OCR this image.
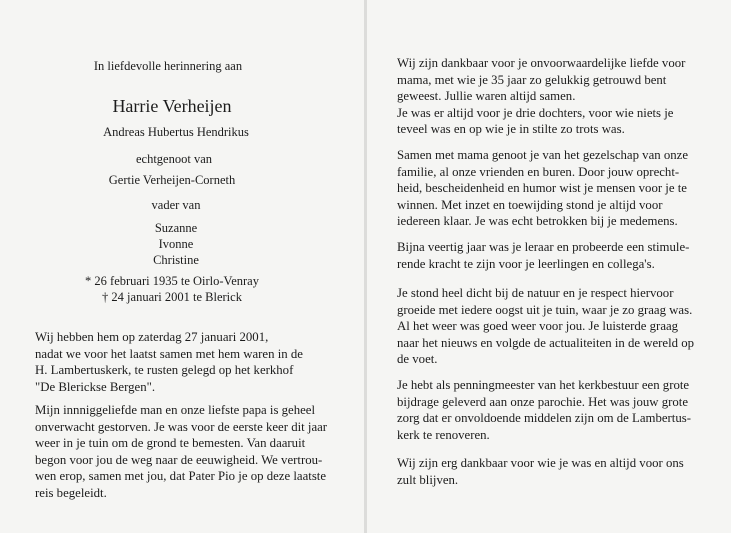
In liefdevolle herinnering aan
Harrie Verheijen
Andreas Hubertus Hendrikus
echtgenoot van
Gertie Verheijen-Corneth
vader van
Suzanne
Ivonne
Christine
* 26 februari 1935 te Oirlo-Venray
† 24 januari 2001 te Blerick
Wij hebben hem op zaterdag 27 januari 2001,
nadat we voor het laatst samen met hem waren in de
H. Lambertuskerk, te rusten gelegd op het kerkhof
"De Blerickse Bergen".
Mijn innniggeliefde man en onze liefste papa is geheel
onverwacht gestorven. Je was voor de eerste keer dit jaar
weer in je tuin om de grond te bemesten. Van daaruit
begon voor jou de weg naar de eeuwigheid. We vertrou-
wen erop, samen met jou, dat Pater Pio je op deze laatste
reis begeleidt.
Wij zijn dankbaar voor je onvoorwaardelijke liefde voor
mama, met wie je 35 jaar zo gelukkig getrouwd bent
geweest. Jullie waren altijd samen.
Je was er altijd voor je drie dochters, voor wie niets je
teveel was en op wie je in stilte zo trots was.
Samen met mama genoot je van het gezelschap van onze
familie, al onze vrienden en buren. Door jouw oprecht-
heid, bescheidenheid en humor wist je mensen voor je te
winnen. Met inzet en toewijding stond je altijd voor
iedereen klaar. Je was echt betrokken bij je medemens.
Bijna veertig jaar was je leraar en probeerde een stimule-
rende kracht te zijn voor je leerlingen en collega's.
Je stond heel dicht bij de natuur en je respect hiervoor
groeide met iedere oogst uit je tuin, waar je zo graag was.
Al het weer was goed weer voor jou. Je luisterde graag
naar het nieuws en volgde de actualiteiten in de wereld op
de voet.
Je hebt als penningmeester van het kerkbestuur een grote
bijdrage geleverd aan onze parochie. Het was jouw grote
zorg dat er onvoldoende middelen zijn om de Lambertus-
kerk te renoveren.
Wij zijn erg dankbaar voor wie je was en altijd voor ons
zult blijven.
